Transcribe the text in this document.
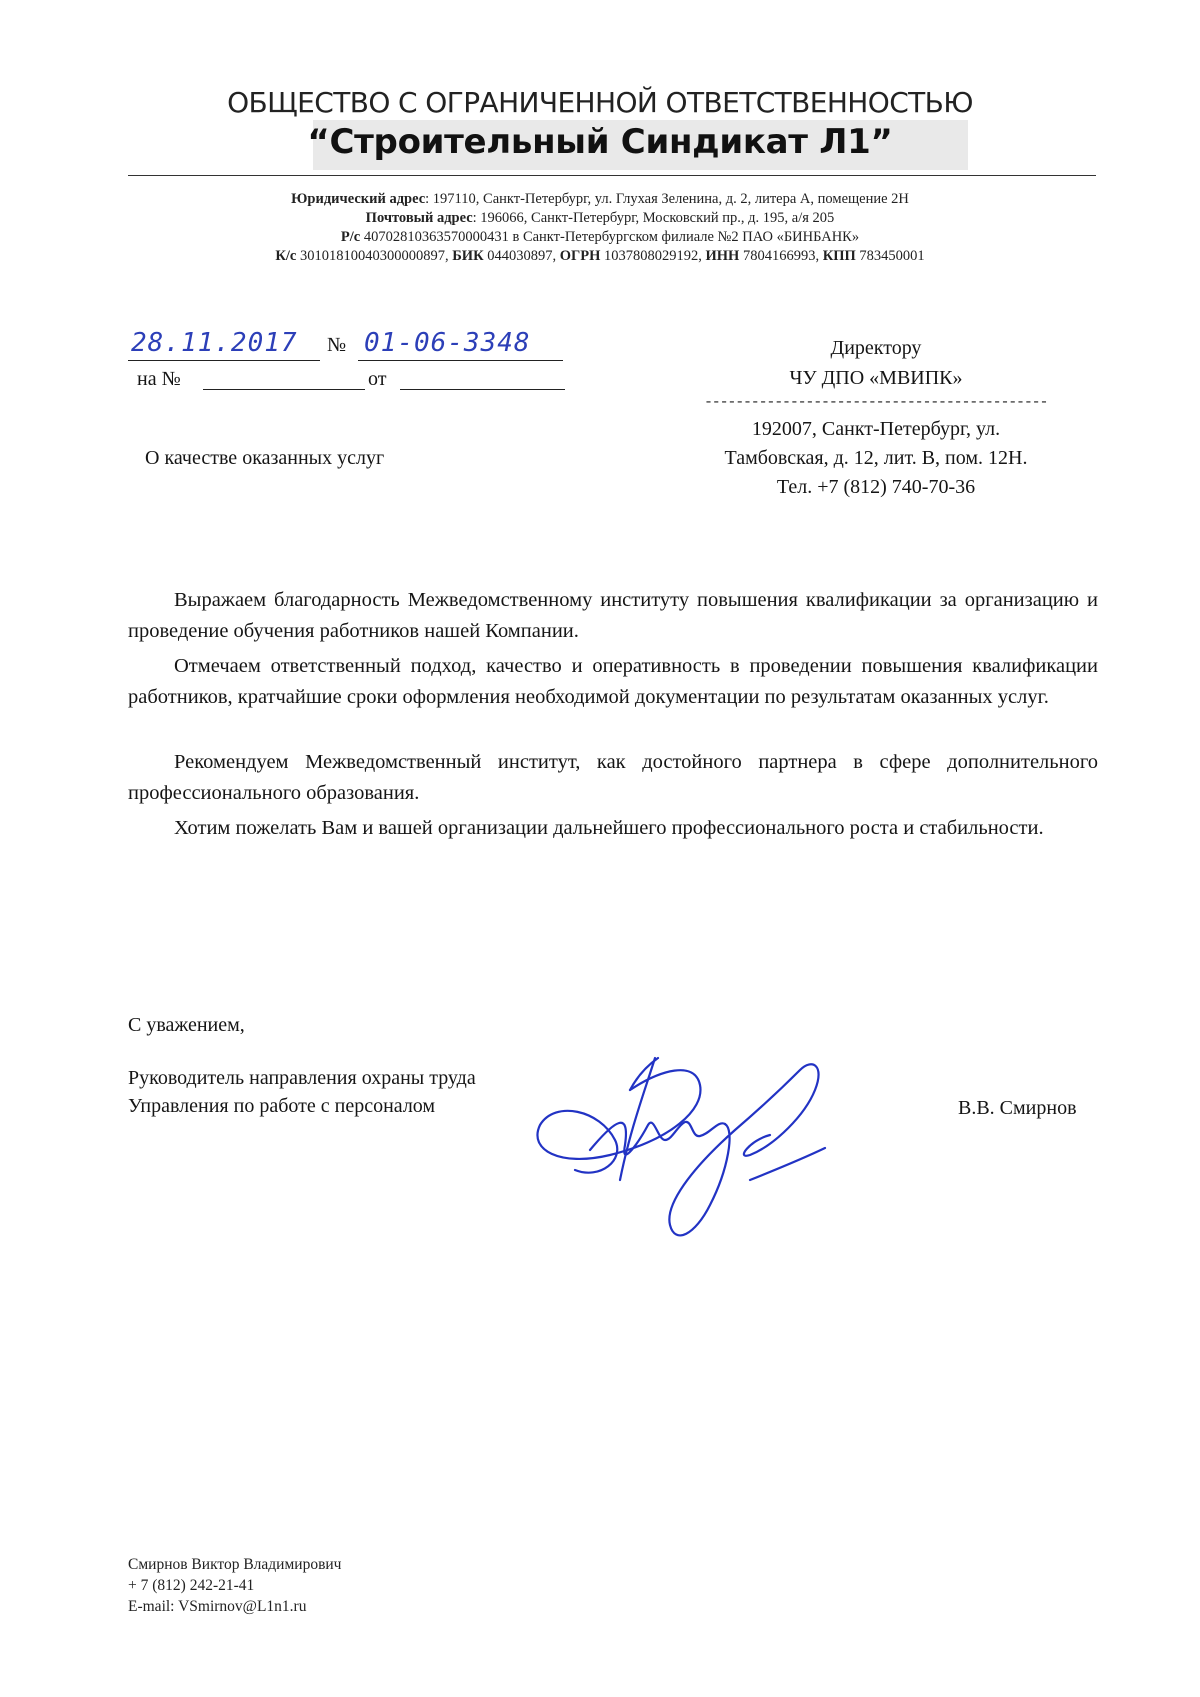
ОБЩЕСТВО С ОГРАНИЧЕННОЙ ОТВЕТСТВЕННОСТЬЮ
“Строительный Синдикат Л1”
Юридический адрес: 197110, Санкт-Петербург, ул. Глухая Зеленина, д. 2, литера А, помещение 2Н
Почтовый адрес: 196066, Санкт-Петербург, Московский пр., д. 195, а/я 205
Р/с 40702810363570000431 в Санкт-Петербургском филиале №2 ПАО «БИНБАНК»
К/с 30101810040300000897, БИК 044030897, ОГРН 1037808029192, ИНН 7804166993, КПП 783450001
28.11.2017 № 01-06-3348
на №	от
О качестве оказанных услуг
Директору
ЧУ ДПО «МВИПК»
--------------------------------------------
192007, Санкт-Петербург, ул.
Тамбовская, д. 12, лит. В, пом. 12Н.
Тел. +7 (812) 740-70-36

Выражаем благодарность Межведомственному институту повышения квалификации за организацию и проведение обучения работников нашей Компании.

Отмечаем ответственный подход, качество и оперативность в проведении повышения квалификации работников, кратчайшие сроки оформления необходимой документации по результатам оказанных услуг.

Рекомендуем Межведомственный институт, как достойного партнера в сфере дополнительного профессионального образования.

Хотим пожелать Вам и вашей организации дальнейшего профессионального роста и стабильности.

С уважением,
Руководитель направления охраны труда
Управления по работе с персоналом	В.В. Смирнов
Смирнов Виктор Владимирович
+ 7 (812) 242-21-41
E-mail: VSmirnov@L1n1.ru
